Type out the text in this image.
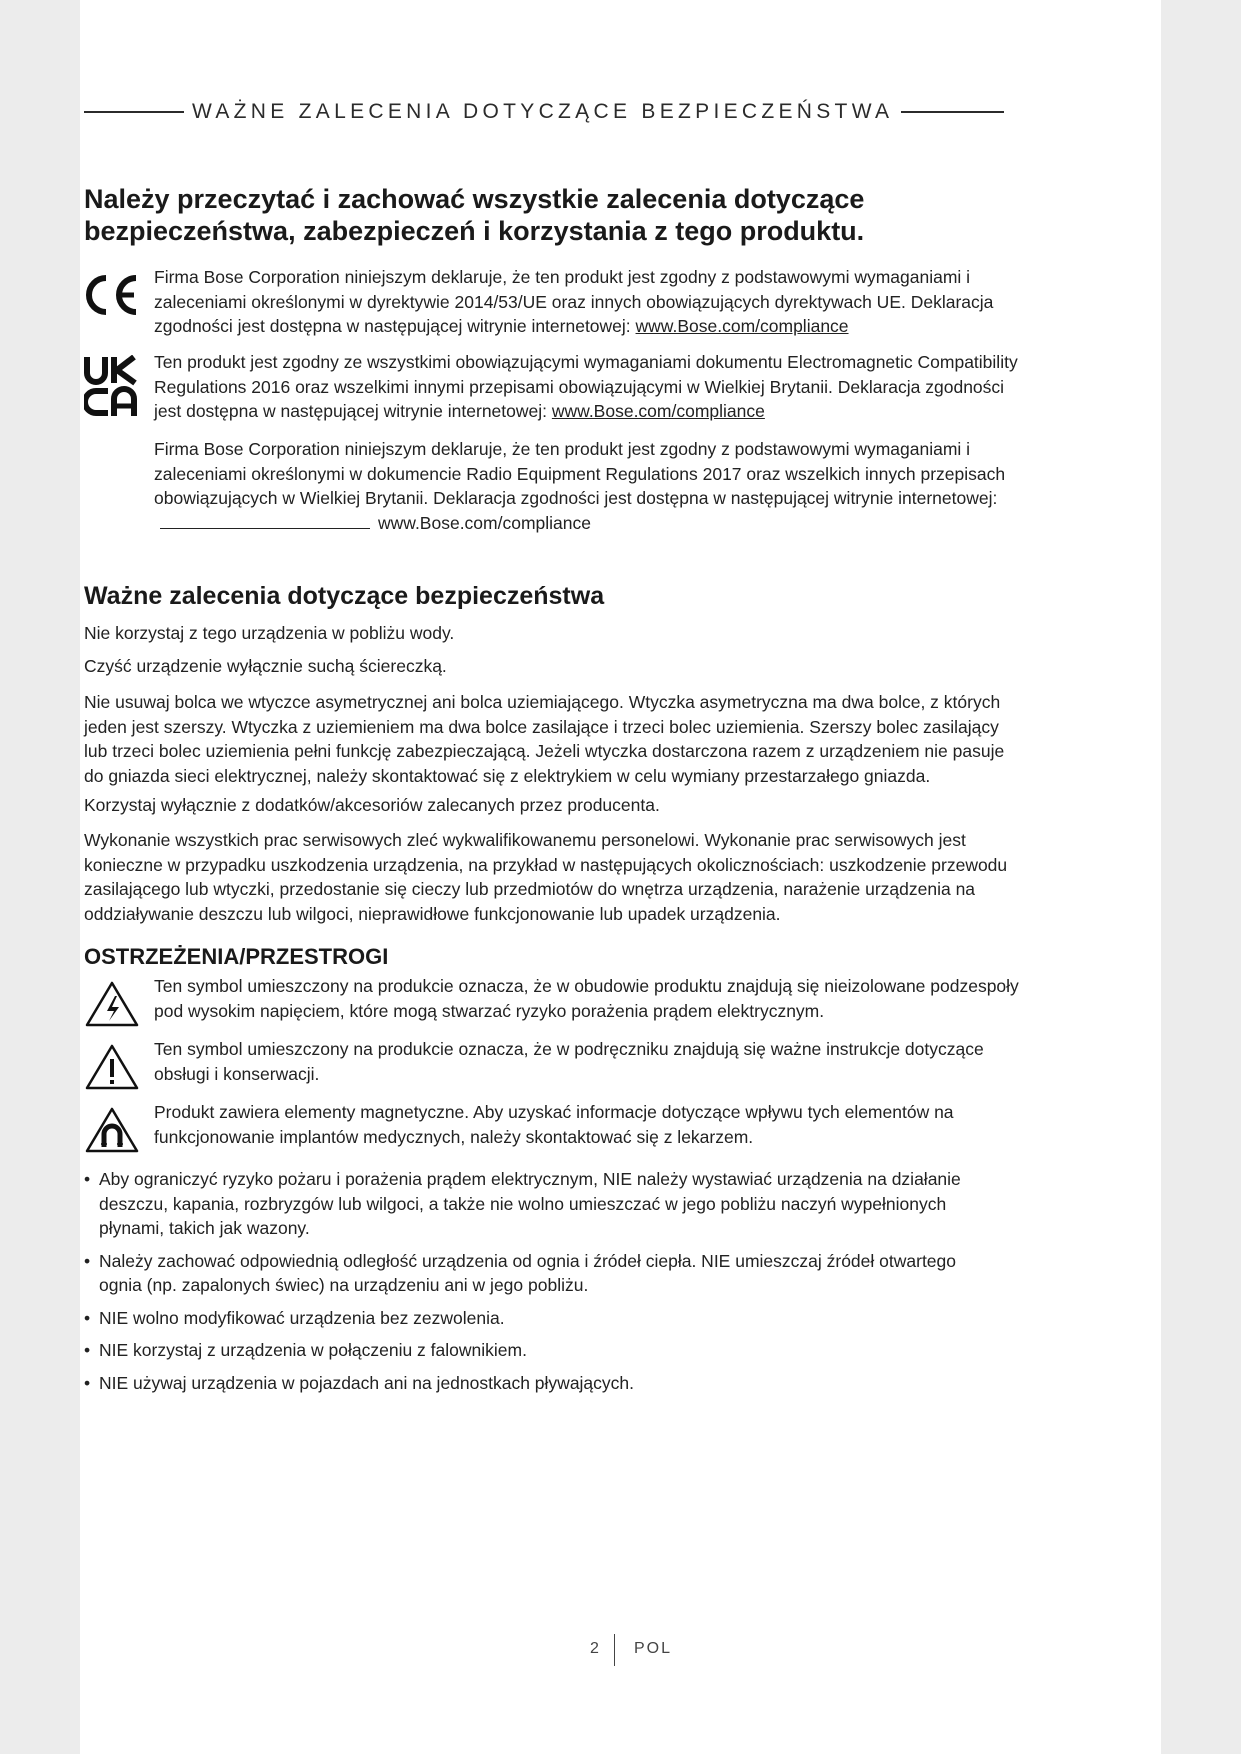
WAŻNE ZALECENIA DOTYCZĄCE BEZPIECZEŃSTWA
Należy przeczytać i zachować wszystkie zalecenia dotyczące bezpieczeństwa, zabezpieczeń i korzystania z tego produktu.

Firma Bose Corporation niniejszym deklaruje, że ten produkt jest zgodny z podstawowymi wymaganiami i zaleceniami określonymi w dyrektywie 2014/53/UE oraz innych obowiązujących dyrektywach UE. Deklaracja zgodności jest dostępna w następującej witrynie internetowej: www.Bose.com/compliance

Ten produkt jest zgodny ze wszystkimi obowiązującymi wymaganiami dokumentu Electromagnetic Compatibility Regulations 2016 oraz wszelkimi innymi przepisami obowiązującymi w Wielkiej Brytanii. Deklaracja zgodności jest dostępna w następującej witrynie internetowej: www.Bose.com/compliance

Firma Bose Corporation niniejszym deklaruje, że ten produkt jest zgodny z podstawowymi wymaganiami i zaleceniami określonymi w dokumencie Radio Equipment Regulations 2017 oraz wszelkich innych przepisach obowiązujących w Wielkiej Brytanii. Deklaracja zgodności jest dostępna w następującej witrynie internetowej:www.Bose.com/compliance

Ważne zalecenia dotyczące bezpieczeństwa

Nie korzystaj z tego urządzenia w pobliżu wody.

Czyść urządzenie wyłącznie suchą ściereczką.

Nie usuwaj bolca we wtyczce asymetrycznej ani bolca uziemiającego. Wtyczka asymetryczna ma dwa bolce, z których jeden jest szerszy. Wtyczka z uziemieniem ma dwa bolce zasilające i trzeci bolec uziemienia. Szerszy bolec zasilający lub trzeci bolec uziemienia pełni funkcję zabezpieczającą. Jeżeli wtyczka dostarczona razem z urządzeniem nie pasuje do gniazda sieci elektrycznej, należy skontaktować się z elektrykiem w celu wymiany przestarzałego gniazda.

Korzystaj wyłącznie z dodatków/akcesoriów zalecanych przez producenta.

Wykonanie wszystkich prac serwisowych zleć wykwalifikowanemu personelowi. Wykonanie prac serwisowych jest konieczne w przypadku uszkodzenia urządzenia, na przykład w następujących okolicznościach: uszkodzenie przewodu zasilającego lub wtyczki, przedostanie się cieczy lub przedmiotów do wnętrza urządzenia, narażenie urządzenia na oddziaływanie deszczu lub wilgoci, nieprawidłowe funkcjonowanie lub upadek urządzenia.

OSTRZEŻENIA/PRZESTROGI

Ten symbol umieszczony na produkcie oznacza, że w obudowie produktu znajdują się nieizolowane podzespoły pod wysokim napięciem, które mogą stwarzać ryzyko porażenia prądem elektrycznym.

Ten symbol umieszczony na produkcie oznacza, że w podręczniku znajdują się ważne instrukcje dotyczące obsługi i konserwacji.

Produkt zawiera elementy magnetyczne. Aby uzyskać informacje dotyczące wpływu tych elementów na funkcjonowanie implantów medycznych, należy skontaktować się z lekarzem.

• Aby ograniczyć ryzyko pożaru i porażenia prądem elektrycznym, NIE należy wystawiać urządzenia na działanie deszczu, kapania, rozbryzgów lub wilgoci, a także nie wolno umieszczać w jego pobliżu naczyń wypełnionych płynami, takich jak wazony.
• Należy zachować odpowiednią odległość urządzenia od ognia i źródeł ciepła. NIE umieszczaj źródeł otwartego ognia (np. zapalonych świec) na urządzeniu ani w jego pobliżu.
• NIE wolno modyfikować urządzenia bez zezwolenia.
• NIE korzystaj z urządzenia w połączeniu z falownikiem.
• NIE używaj urządzenia w pojazdach ani na jednostkach pływających.
2 POL
